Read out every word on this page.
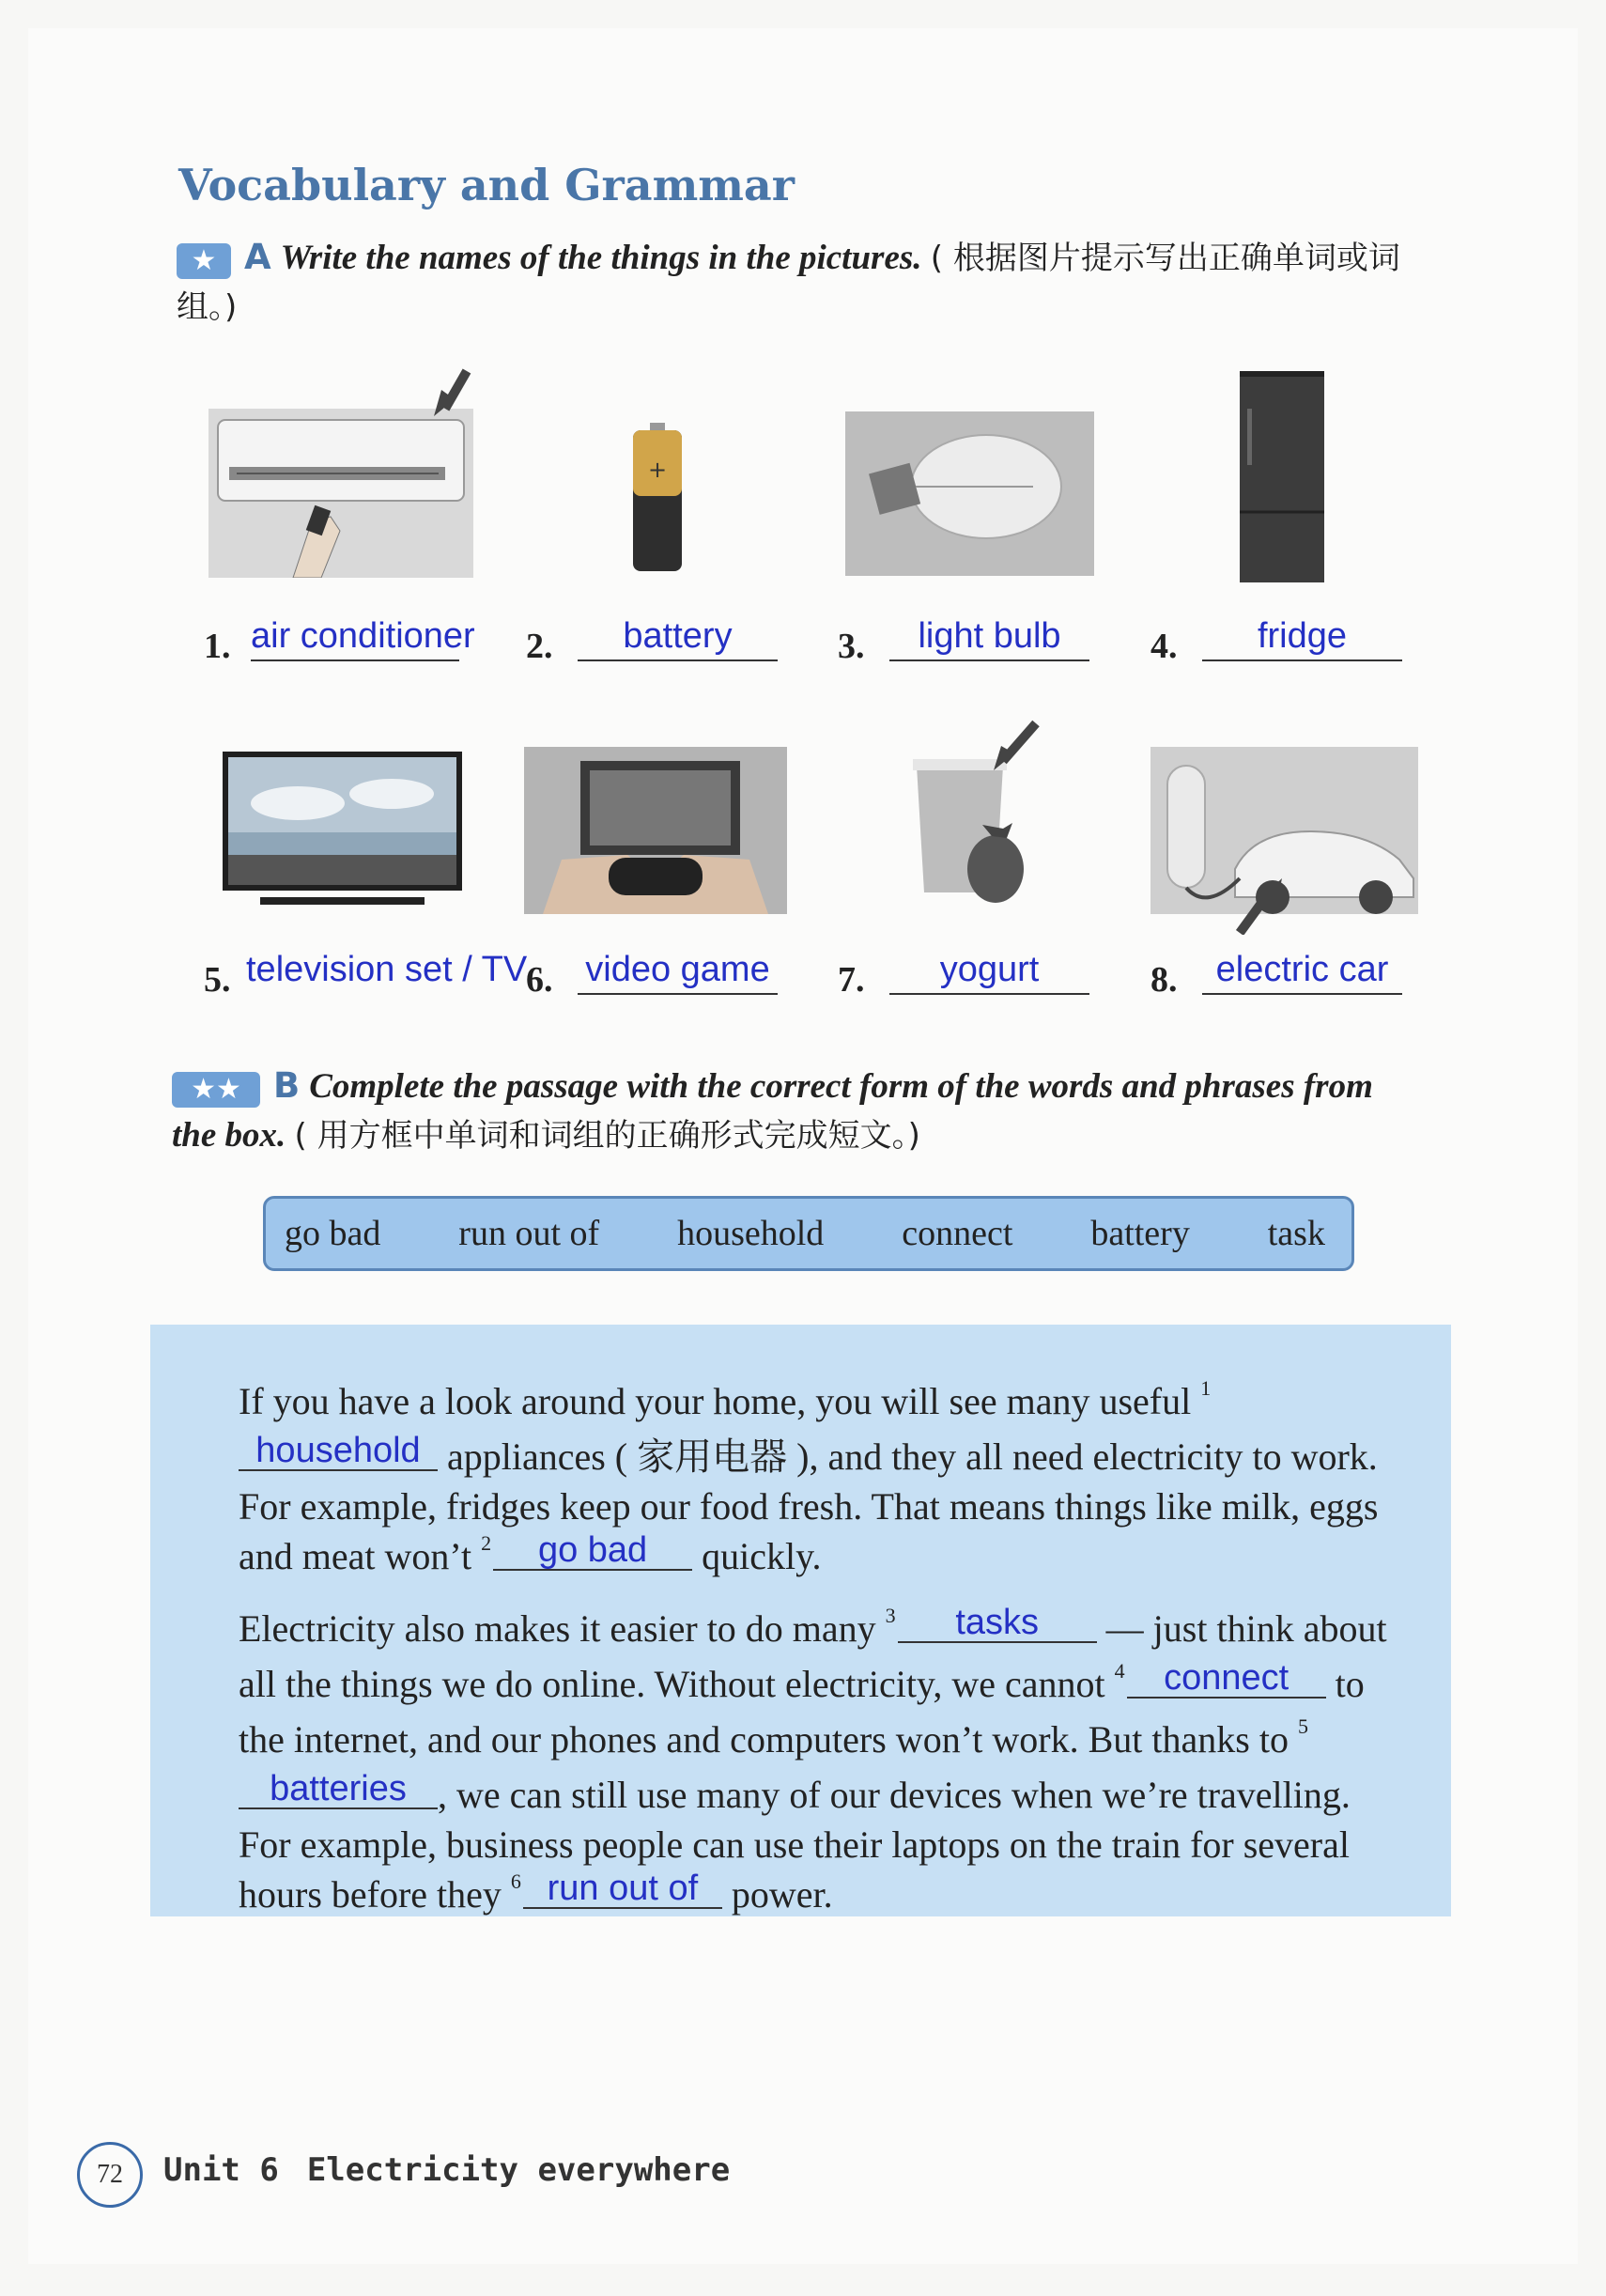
Vocabulary and Grammar
★ A Write the names of the things in the pictures. ( 根据图片提示写出正确单词或词组。)
+
1. air conditioner 2.	battery	3.	light bulb	4.	fridge
5. television set / TV
6. video game 7.	yogurt	8.	electric car
★★ B Complete the passage with the correct form of the words and phrases from the box. ( 用方框中单词和词组的正确形式完成短文。)
go bad run out of household connect battery task

If you have a look around your home, you will see many useful $^1$household appliances ( 家用电器 ), and they all need electricity to work. For example, fridges keep our food fresh. That means things like milk, eggs and meat won’t $^2$ go bad quickly.

Electricity also makes it easier to do many $^3$ tasks — just think about all the things we do online. Without electricity, we cannot $^4$ connect to the internet, and our phones and computers won’t work. But thanks to $^5$batteries , we can still use many of our devices when we’re travelling. For example, business people can use their laptops on the train for several hours before they $^6$ run out of power.

72	Unit 6 Electricity everywhere
